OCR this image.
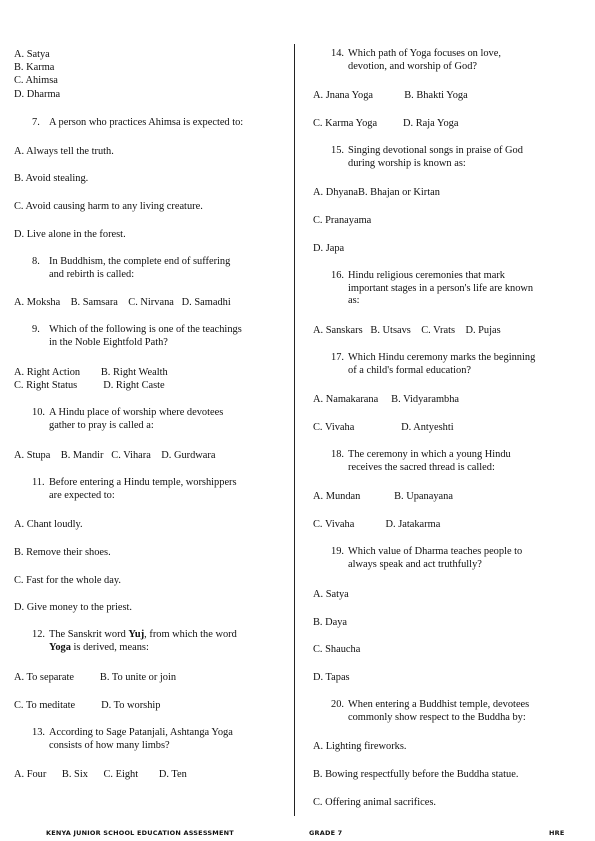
A. Satya
B. Karma
C. Ahimsa
D. Dharma
7. A person who practices Ahimsa is expected to:
A. Always tell the truth.
B. Avoid stealing.
C. Avoid causing harm to any living creature.
D. Live alone in the forest.
8. In Buddhism, the complete end of suffering
and rebirth is called:
A. Moksha    B. Samsara    C. Nirvana   D. Samadhi
9. Which of the following is one of the teachings
in the Noble Eightfold Path?
A. Right Action        B. Right Wealth
C. Right Status          D. Right Caste
10. A Hindu place of worship where devotees
gather to pray is called a:
A. Stupa    B. Mandir   C. Vihara    D. Gurdwara
11. Before entering a Hindu temple, worshippers
are expected to:
A. Chant loudly.
B. Remove their shoes.
C. Fast for the whole day.
D. Give money to the priest.
12. The Sanskrit word Yuj, from which the word
Yoga is derived, means:
A. To separate          B. To unite or join
C. To meditate          D. To worship
13. According to Sage Patanjali, Ashtanga Yoga
consists of how many limbs?
A. Four      B. Six      C. Eight        D. Ten
14. Which path of Yoga focuses on love,
devotion, and worship of God?
A. Jnana Yoga            B. Bhakti Yoga
C. Karma Yoga          D. Raja Yoga
15. Singing devotional songs in praise of God
during worship is known as:
A. DhyanaB. Bhajan or Kirtan
C. Pranayama
D. Japa
16. Hindu religious ceremonies that mark
important stages in a person's life are known
as:
A. Sanskars   B. Utsavs    C. Vrats    D. Pujas
17. Which Hindu ceremony marks the beginning
of a child's formal education?
A. Namakarana     B. Vidyarambha
C. Vivaha                  D. Antyeshti
18. The ceremony in which a young Hindu
receives the sacred thread is called:
A. Mundan             B. Upanayana
C. Vivaha            D. Jatakarma
19. Which value of Dharma teaches people to
always speak and act truthfully?
A. Satya
B. Daya
C. Shaucha
D. Tapas
20. When entering a Buddhist temple, devotees
commonly show respect to the Buddha by:
A. Lighting fireworks.
B. Bowing respectfully before the Buddha statue.
C. Offering animal sacrifices.
KENYA JUNIOR SCHOOL EDUCATION ASSESSMENT	GRADE 7	HRE
